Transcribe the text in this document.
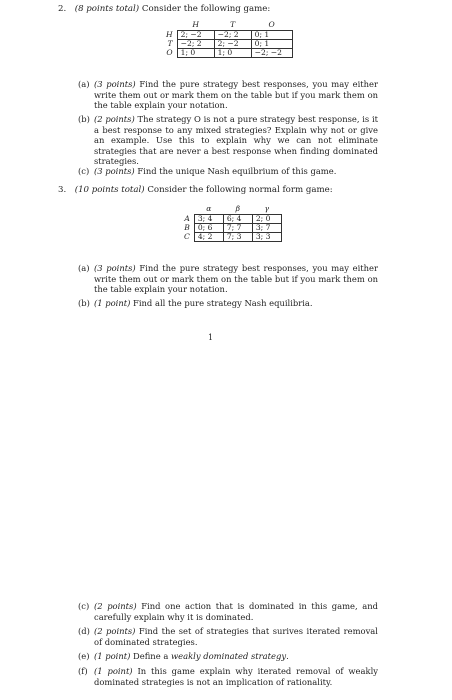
2. (8 points total) Consider the following game:
	H	T	O
H	2; −2	−2; 2	0; 1
T	−2; 2	2; −2	0; 1
O	1; 0	1; 0	−2; −2
(a) (3 points) Find the pure strategy best responses, you may either write them out or mark them on the table but if you mark them on the table explain your notation.
(b) (2 points) The strategy O is not a pure strategy best response, is it a best response to any mixed strategies? Explain why not or give an example. Use this to explain why we can not eliminate strategies that are never a best response when finding dominated strategies.
(c) (3 points) Find the unique Nash equilbrium of this game.
3. (10 points total) Consider the following normal form game:
	α	β	γ
A	3; 4	6; 4	2; 0
B	0; 6	7; 7	3; 7
C	4; 2	7; 3	3; 3
(a) (3 points) Find the pure strategy best responses, you may either write them out or mark them on the table but if you mark them on the table explain your notation.
(b) (1 point) Find all the pure strategy Nash equilibria.
1
(c) (2 points) Find one action that is dominated in this game, and carefully explain why it is dominated.
(d) (2 points) Find the set of strategies that surives iterated removal of dominated strategies.
(e) (1 point) Define a weakly dominated strategy.
(f) (1 point) In this game explain why iterated removal of weakly dominated strategies is not an implication of rationality.
